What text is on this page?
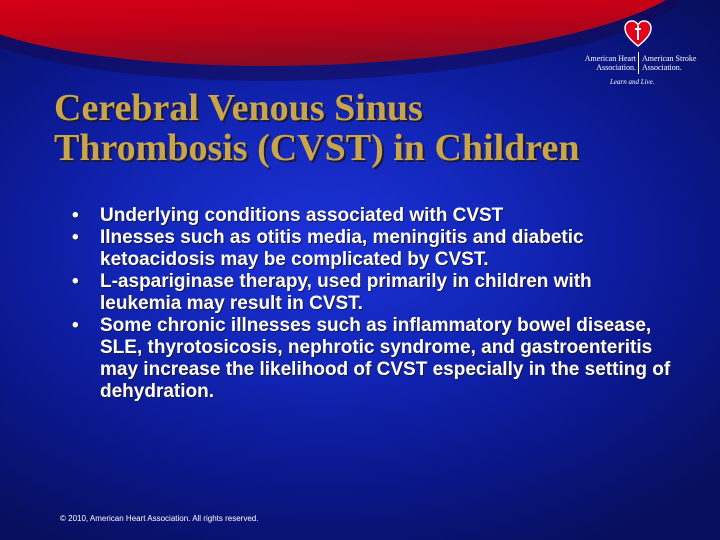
American Heart
Association.
American Stroke
Association.
Learn and Live.
Cerebral Venous Sinus
Thrombosis (CVST) in Children
• Underlying conditions associated with CVST
• Ilnesses such as otitis media, meningitis and diabetic ketoacidosis may be complicated by CVST.
• L-aspariginase therapy, used primarily in children with leukemia may result in CVST.
• Some chronic illnesses such as inflammatory bowel disease, SLE, thyrotosicosis, nephrotic syndrome, and gastroenteritis may increase the likelihood of CVST especially in the setting of dehydration.
© 2010, American Heart Association. All rights reserved.
